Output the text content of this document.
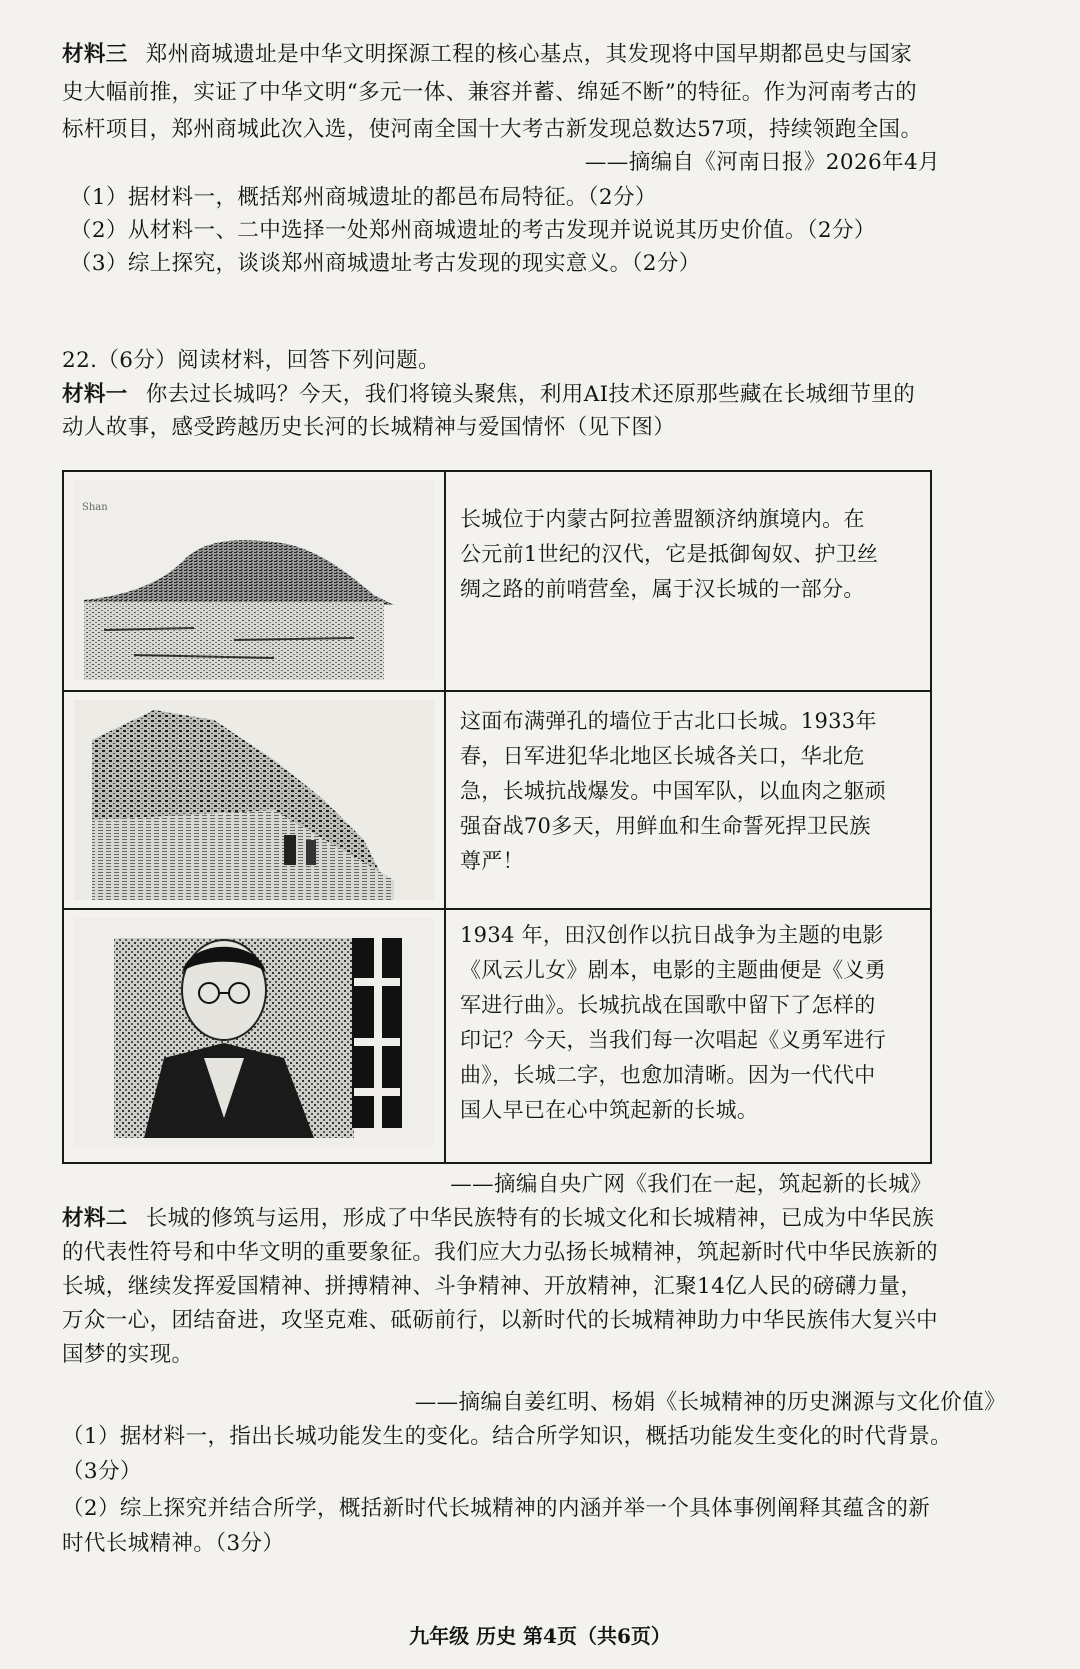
材料三 郑州商城遗址是中华文明探源工程的核心基点，其发现将中国早期都邑史与国家
史大幅前推，实证了中华文明“多元一体、兼容并蓄、绵延不断”的特征。作为河南考古的
标杆项目，郑州商城此次入选，使河南全国十大考古新发现总数达57项，持续领跑全国。
——摘编自《河南日报》2026年4月
（1）据材料一，概括郑州商城遗址的都邑布局特征。（2分）
（2）从材料一、二中选择一处郑州商城遗址的考古发现并说说其历史价值。（2分）
（3）综上探究，谈谈郑州商城遗址考古发现的现实意义。（2分）
22.（6分）阅读材料，回答下列问题。
材料一 你去过长城吗？今天，我们将镜头聚焦，利用AI技术还原那些藏在长城细节里的
动人故事，感受跨越历史长河的长城精神与爱国情怀（见下图）
Shan	长城位于内蒙古阿拉善盟额济纳旗境内。在
公元前1世纪的汉代，它是抵御匈奴、护卫丝
绸之路的前哨营垒，属于汉长城的一部分。
这面布满弹孔的墙位于古北口长城。1933年
春，日军进犯华北地区长城各关口，华北危
急，长城抗战爆发。中国军队，以血肉之躯顽
强奋战70多天，用鲜血和生命誓死捍卫民族
尊严！
1934 年，田汉创作以抗日战争为主题的电影
《风云儿女》剧本，电影的主题曲便是《义勇
军进行曲》。长城抗战在国歌中留下了怎样的
印记？今天，当我们每一次唱起《义勇军进行
曲》，长城二字，也愈加清晰。因为一代代中
国人早已在心中筑起新的长城。
——摘编自央广网《我们在一起，筑起新的长城》
材料二 长城的修筑与运用，形成了中华民族特有的长城文化和长城精神，已成为中华民族
的代表性符号和中华文明的重要象征。我们应大力弘扬长城精神，筑起新时代中华民族新的
长城，继续发挥爱国精神、拼搏精神、斗争精神、开放精神，汇聚14亿人民的磅礴力量，
万众一心，团结奋进，攻坚克难、砥砺前行，以新时代的长城精神助力中华民族伟大复兴中
国梦的实现。
——摘编自姜红明、杨娟《长城精神的历史渊源与文化价值》
（1）据材料一，指出长城功能发生的变化。结合所学知识，概括功能发生变化的时代背景。
（3分）
（2）综上探究并结合所学，概括新时代长城精神的内涵并举一个具体事例阐释其蕴含的新
时代长城精神。（3分）
九年级 历史 第4页（共6页）
